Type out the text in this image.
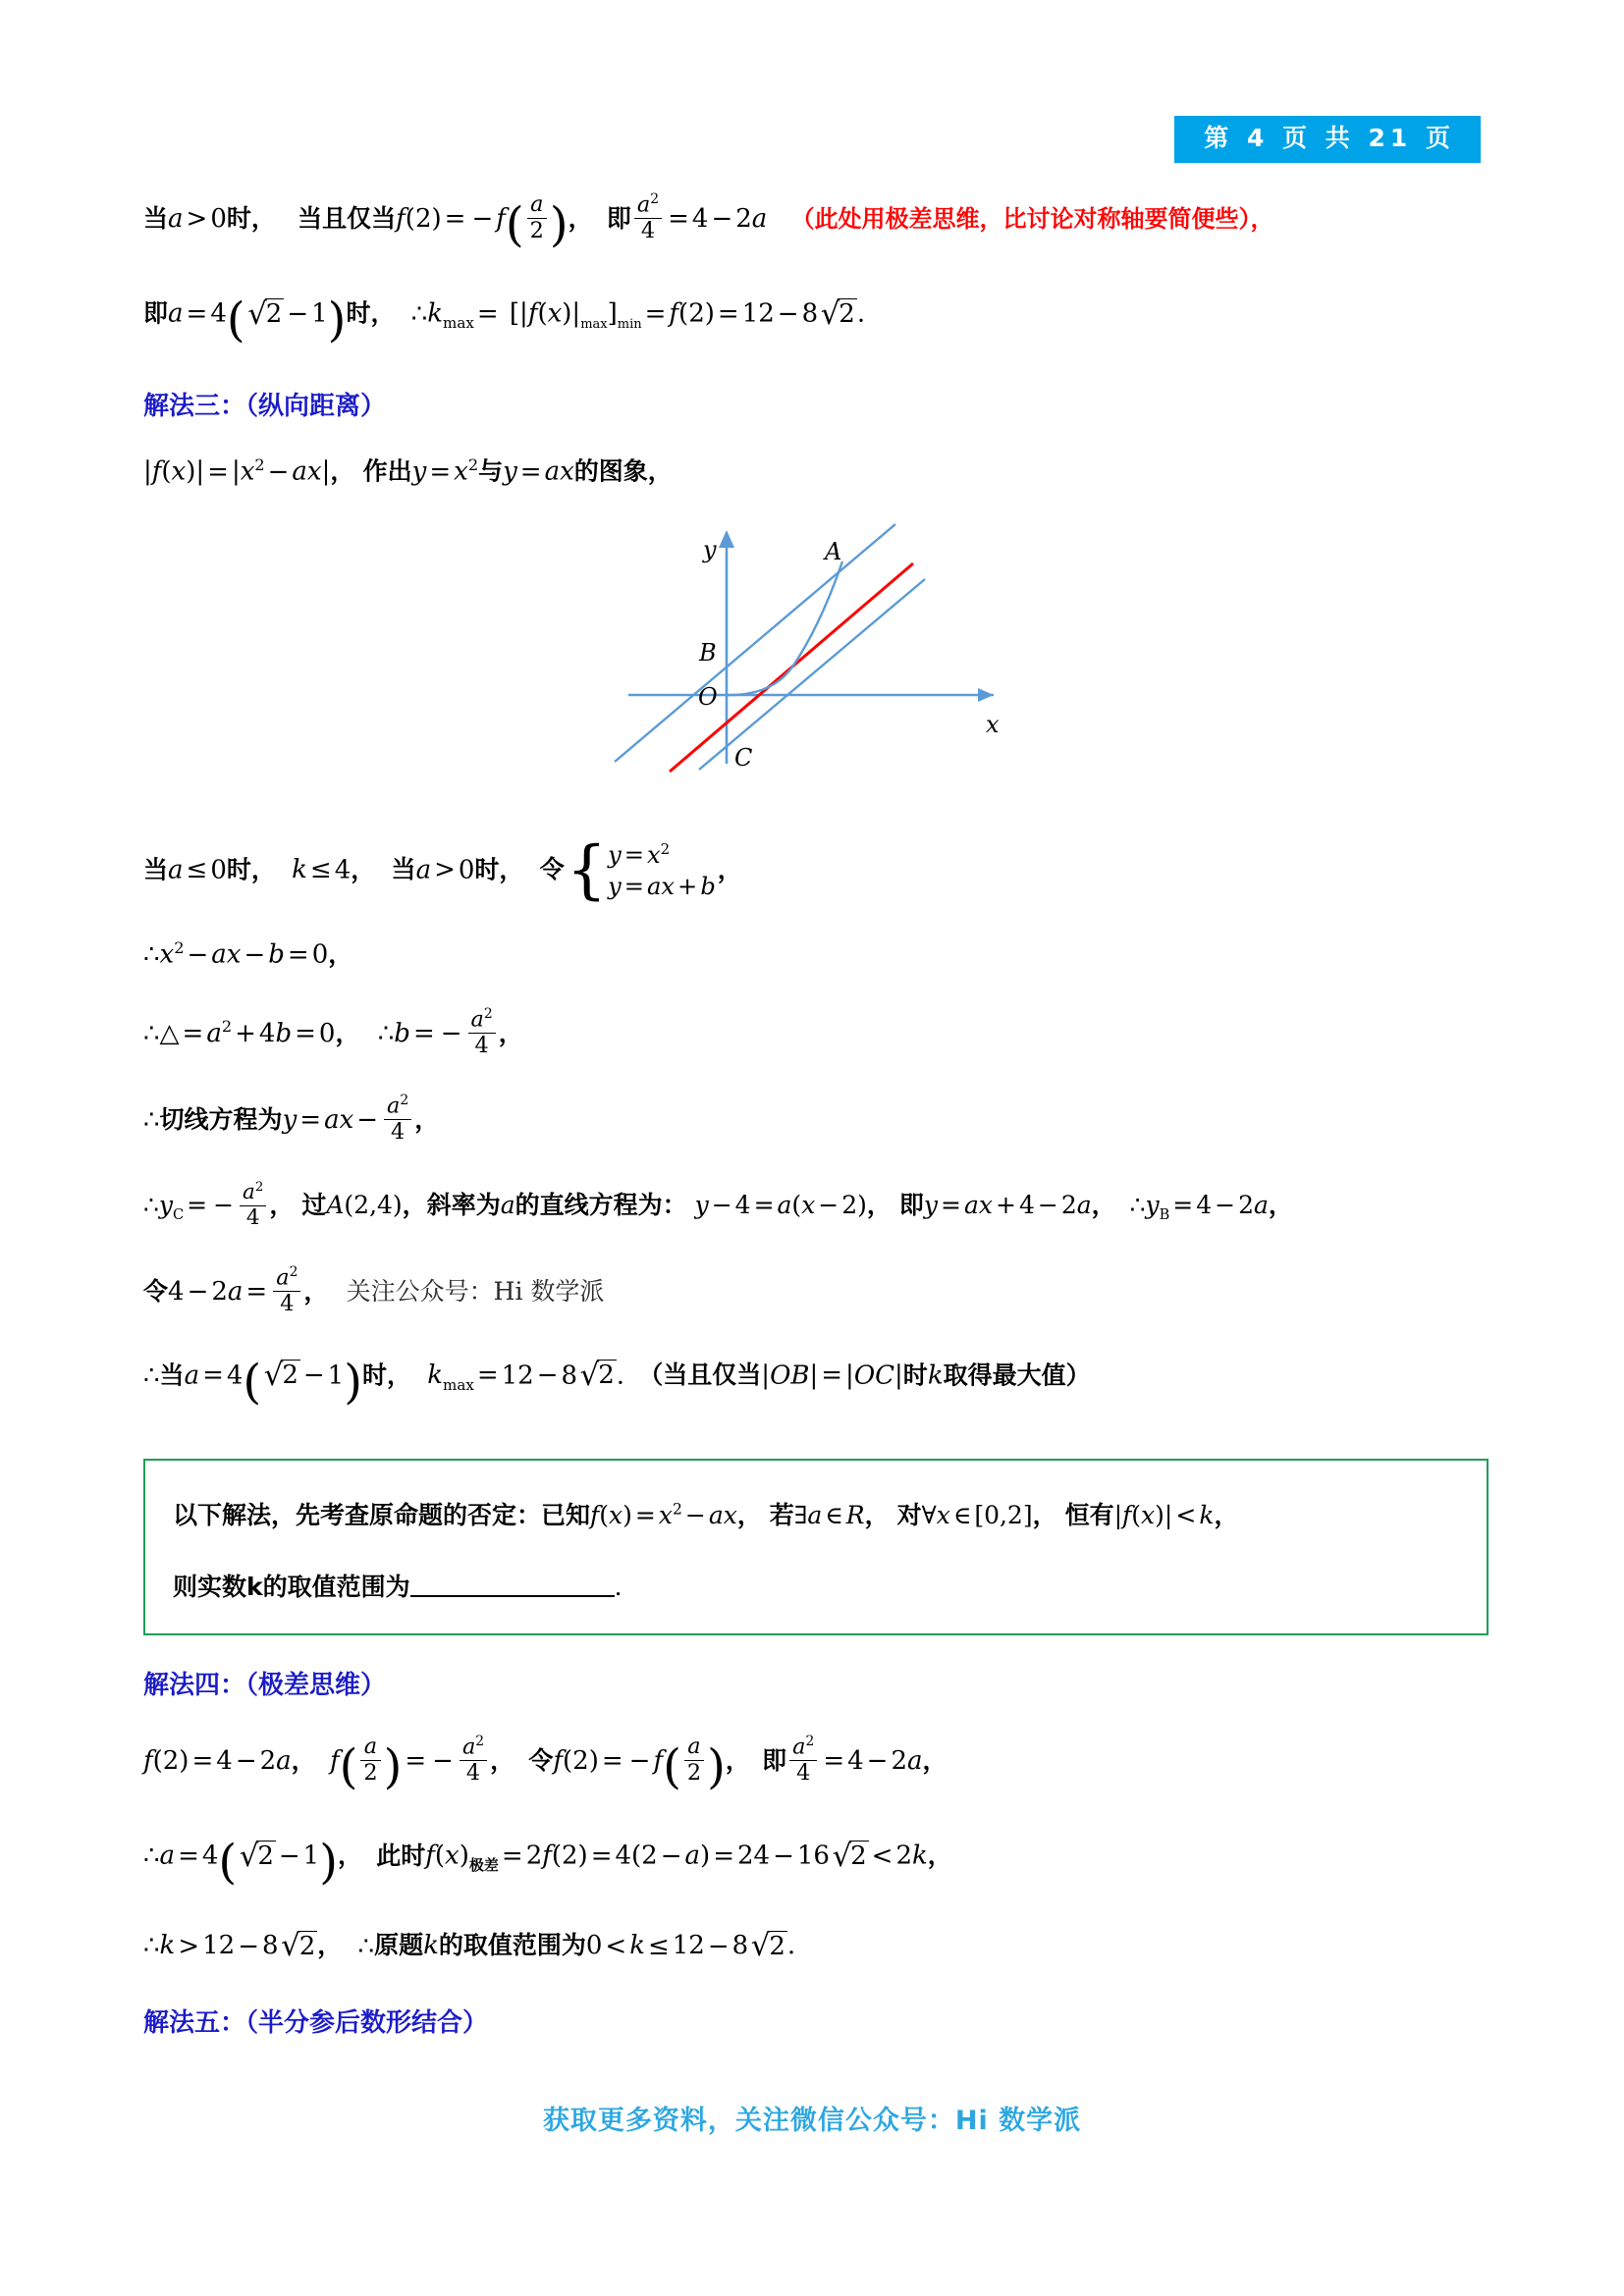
第 4 页 共 21 页
当a > 0时， 当且仅当f(2) = − $f( \frac{a}{2}$ )， 即 $\frac{a^2}{4} = 4 - 2a$ （此处用极差思维，比讨论对称轴要简便些），
即a = 4(√2 − 1)时， $\therefore k_{max} = [|f(x)|_{max}]_{min} = f(2) = 12 - 8√2$.
解法三：（纵向距离）
$|f(x)| = |x^2 - ax|$， 作出$y = x^2$与y = ax的图象，
y
x
A
B
O
C
当a ≤ 0时， k ≤ 4， 当a > 0时， 令 { $y = x^2$
y = ax + b
，
$\therefore x^2$ − ax − b = 0，
∴△ = $a^2 + 4b = 0$， ∴b = − $\frac{a^2}{4}$ ，
∴切线方程为y = ax − $\frac{a^2}{4}$ ，
$\therefore y_C$ = − $\frac{a^2}{4}$ ， 过A(2,4)，斜率为a的直线方程为： y − 4 = a(x − 2)， 即y = ax + 4 − 2a， $\therefore y_B = 4 - 2a$，
令$4 - 2a = \frac{a^2}{4}$ ， 关注公众号：Hi 数学派
∴当a = 4(√2 − 1)时， $k_{max} = 12 - 8√2$. （当且仅当|OB| = |OC|时k取得最大值）
以下解法，先考查原命题的否定：已知$f(x) = x^2$ − ax， 若∃a ∈ R， 对∀x ∈ [0,2]， 恒有|f(x)| < k，
则实数k的取值范围为	.
解法四：（极差思维）
f(2) = 4 − 2a， $f( \frac{a}{2}$ ) = − $\frac{a^2}{4}$ ， 令f(2) = − $f( \frac{a}{2}$ )， 即 $\frac{a^2}{4} = 4 - 2a$，
∴a = 4(√2 − 1)， 此时$f(x)_{极差} = 2f(2) = 4(2 - a) = 24 - 16√2 < 2k$，
∴k > 12 − 8√2， ∴原题k的取值范围为0 < k ≤ 12 − 8√2.
解法五：（半分参后数形结合）
获取更多资料，关注微信公众号：Hi 数学派
